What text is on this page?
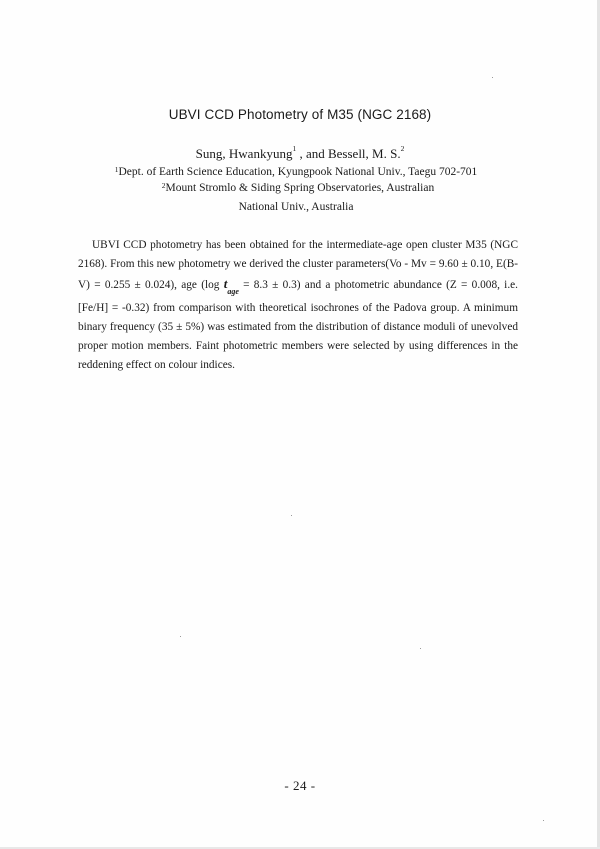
UBVI CCD Photometry of M35 (NGC 2168)
Sung, Hwankyung$^1$ , and Bessell, M. S.$^2$
$^1$Dept. of Earth Science Education, Kyungpook National Univ., Taegu 702-701
$^2$Mount Stromlo & Siding Spring Observatories, Australian
National Univ., Australia
UBVI CCD photometry has been obtained for the intermediate-age open cluster M35 (NGC 2168). From this new photometry we derived the cluster parameters(Vo - Mv = 9.60 ± 0.10, E(B-V) = 0.255 ± 0.024), age (log $t_{age} = 8.3 \pm 0.3$) and a photometric abundance (Z = 0.008, i.e. [Fe/H] = -0.32) from comparison with theoretical isochrones of the Padova group. A minimum binary frequency (35 ± 5%) was estimated from the distribution of distance moduli of unevolved proper motion members. Faint photometric members were selected by using differences in the reddening effect on colour indices.
- 24 -
